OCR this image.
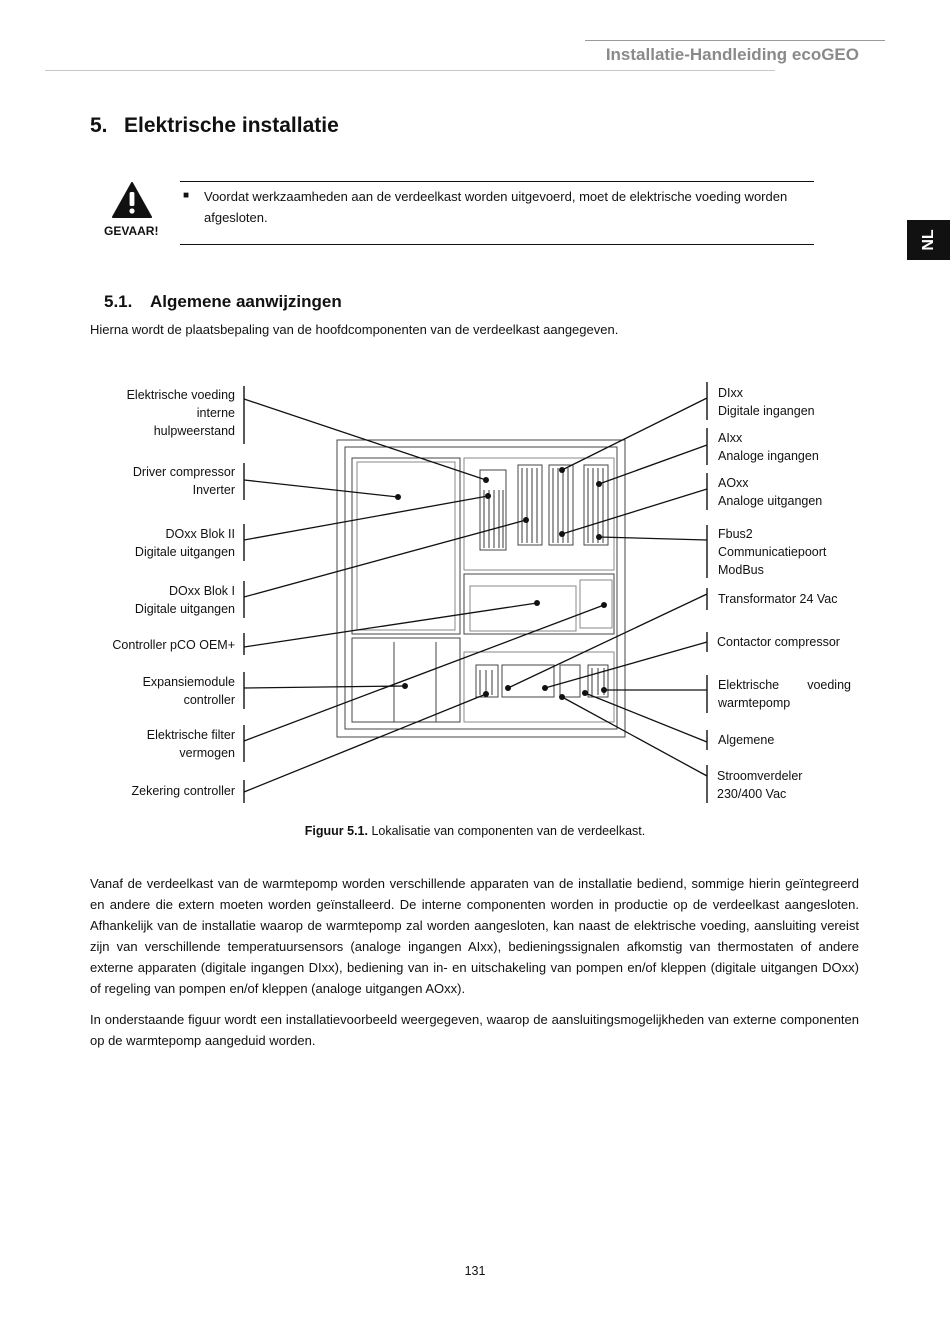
Installatie-Handleiding ecoGEO
5. Elektrische installatie
NL
GEVAAR!
■ Voordat werkzaamheden aan de verdeelkast worden uitgevoerd, moet de elektrische voeding worden afgesloten.
5.1. Algemene aanwijzingen
Hierna wordt de plaatsbepaling van de hoofdcomponenten van de verdeelkast aangegeven.
Elektrische voeding
interne
hulpweerstand
Driver compressor
Inverter
DOxx Blok II
Digitale uitgangen
DOxx Blok I
Digitale uitgangen
Controller pCO OEM+
Expansiemodule
controller
Elektrische filter
vermogen
Zekering controller
DIxx
Digitale ingangen
AIxx
Analoge ingangen
AOxx
Analoge uitgangen
Fbus2
Communicatiepoort
ModBus
Transformator 24 Vac
Contactor compressor
Elektrische voeding
warmtepomp
Algemene
Stroomverdeler
230/400 Vac
Figuur 5.1. Lokalisatie van componenten van de verdeelkast.
Vanaf de verdeelkast van de warmtepomp worden verschillende apparaten van de installatie bediend, sommige hierin geïntegreerd en andere die extern moeten worden geïnstalleerd. De interne componenten worden in productie op de verdeelkast aangesloten. Afhankelijk van de installatie waarop de warmtepomp zal worden aangesloten, kan naast de elektrische voeding, aansluiting vereist zijn van verschillende temperatuursensors (analoge ingangen AIxx), bedieningssignalen afkomstig van thermostaten of andere externe apparaten (digitale ingangen DIxx), bediening van in- en uitschakeling van pompen en/of kleppen (digitale uitgangen DOxx) of regeling van pompen en/of kleppen (analoge uitgangen AOxx).
In onderstaande figuur wordt een installatievoorbeeld weergegeven, waarop de aansluitingsmogelijkheden van externe componenten op de warmtepomp aangeduid worden.
131
